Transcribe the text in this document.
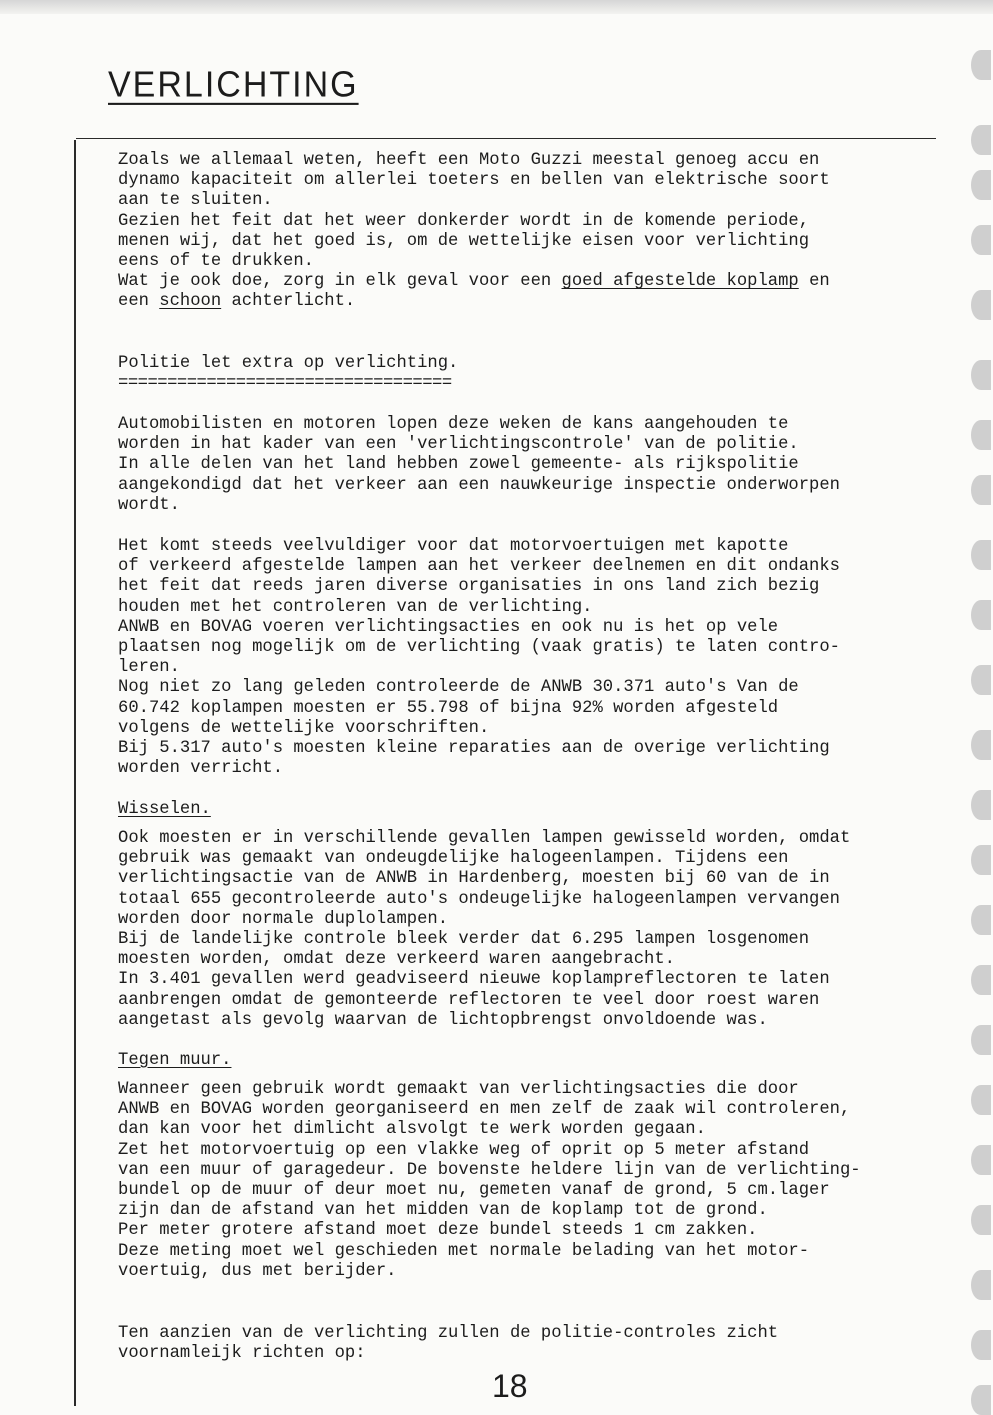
VERLICHTING
Zoals we allemaal weten, heeft een Moto Guzzi meestal genoeg accu en
dynamo kapaciteit om allerlei toeters en bellen van elektrische soort
aan te sluiten.
Gezien het feit dat het weer donkerder wordt in de komende periode,
menen wij, dat het goed is, om de wettelijke eisen voor verlichting
eens of te drukken.
Wat je ook doe, zorg in elk geval voor een goed afgestelde koplamp en
een schoon achterlicht.
Politie let extra op verlichting.
==================================
Automobilisten en motoren lopen deze weken de kans aangehouden te
worden in hat kader van een 'verlichtingscontrole' van de politie.
In alle delen van het land hebben zowel gemeente- als rijkspolitie
aangekondigd dat het verkeer aan een nauwkeurige inspectie onderworpen
wordt.
Het komt steeds veelvuldiger voor dat motorvoertuigen met kapotte
of verkeerd afgestelde lampen aan het verkeer deelnemen en dit ondanks
het feit dat reeds jaren diverse organisaties in ons land zich bezig
houden met het controleren van de verlichting.
ANWB en BOVAG voeren verlichtingsacties en ook nu is het op vele
plaatsen nog mogelijk om de verlichting (vaak gratis) te laten contro-
leren.
Nog niet zo lang geleden controleerde de ANWB 30.371 auto's Van de
60.742 koplampen moesten er 55.798 of bijna 92% worden afgesteld
volgens de wettelijke voorschriften.
Bij 5.317 auto's moesten kleine reparaties aan de overige verlichting
worden verricht.
Wisselen.
Ook moesten er in verschillende gevallen lampen gewisseld worden, omdat
gebruik was gemaakt van ondeugdelijke halogeenlampen. Tijdens een
verlichtingsactie van de ANWB in Hardenberg, moesten bij 60 van de in
totaal 655 gecontroleerde auto's ondeugelijke halogeenlampen vervangen
worden door normale duplolampen.
Bij de landelijke controle bleek verder dat 6.295 lampen losgenomen
moesten worden, omdat deze verkeerd waren aangebracht.
In 3.401 gevallen werd geadviseerd nieuwe koplampreflectoren te laten
aanbrengen omdat de gemonteerde reflectoren te veel door roest waren
aangetast als gevolg waarvan de lichtopbrengst onvoldoende was.
Tegen muur.
Wanneer geen gebruik wordt gemaakt van verlichtingsacties die door
ANWB en BOVAG worden georganiseerd en men zelf de zaak wil controleren,
dan kan voor het dimlicht alsvolgt te werk worden gegaan.
Zet het motorvoertuig op een vlakke weg of oprit op 5 meter afstand
van een muur of garagedeur. De bovenste heldere lijn van de verlichting-
bundel op de muur of deur moet nu, gemeten vanaf de grond, 5 cm.lager
zijn dan de afstand van het midden van de koplamp tot de grond.
Per meter grotere afstand moet deze bundel steeds 1 cm zakken.
Deze meting moet wel geschieden met normale belading van het motor-
voertuig, dus met berijder.
Ten aanzien van de verlichting zullen de politie-controles zicht
voornamleijk richten op:
18
